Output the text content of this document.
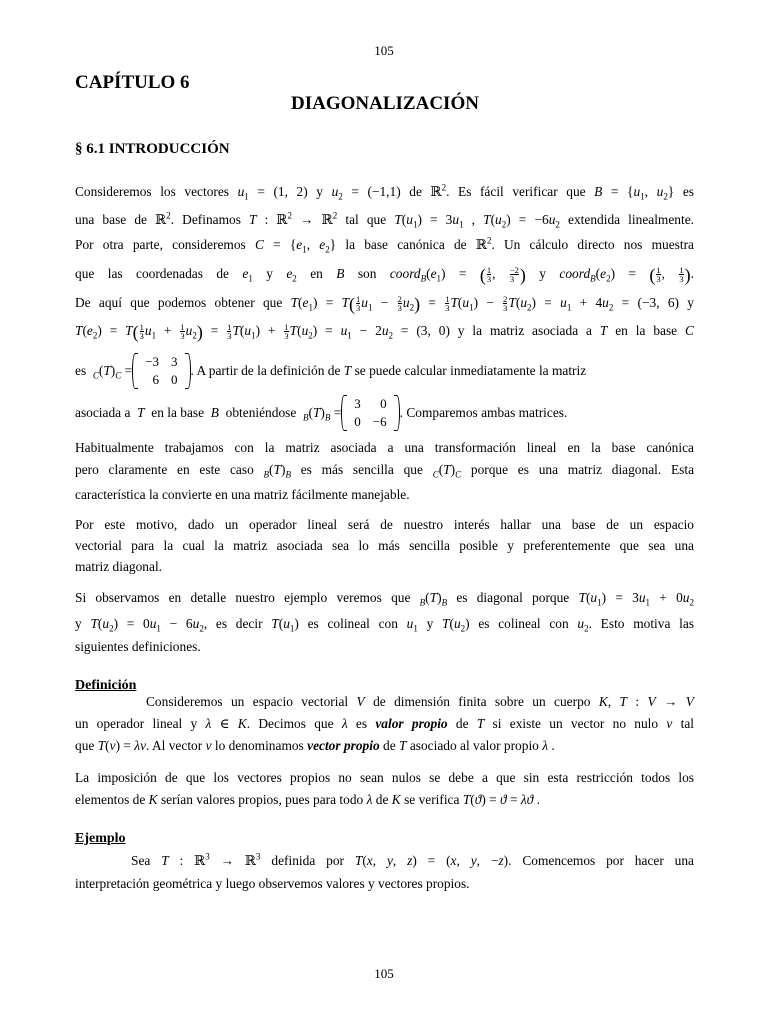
105
CAPÍTULO 6
DIAGONALIZACIÓN
§ 6.1 INTRODUCCIÓN
Consideremos los vectores $u_1 = (1$, 2) y $u_2 = (-1,1)$ de ℝ$^2$. Es fácil verificar que $B = \{u_1$, $u_2$} es
una base de ℝ$^2$. Definamos T : ℝ$^2$ → ℝ$^2$ tal que $T(u_1) = 3u_1$ , $T(u_2) = -6u_2$ extendida linealmente.
Por otra parte, consideremos $C = \{e_1$, $e_2$} la base canónica de ℝ$^2$. Un cálculo directo nos muestra
que las coordenadas de $e_1$ y $e_2$ en B son $coord_B(e_1)$ = ( $\frac{1}{3}$ , $\frac{-2}{3}$ ) y $coord_B(e_2)$ = ( $\frac{1}{3}$ , $\frac{1}{3}$ ).
De aquí que podemos obtener que $T(e_1) = T( \frac{1}{3} u_1 - \frac{2}{3} u_2) = \frac{1}{3} T(u_1) - \frac{2}{3} T(u_2) = u_1 + 4u_2 = (-3$, 6) y
$T(e_2) = T( \frac{1}{3} u_1 + \frac{1}{3} u_2) = \frac{1}{3} T(u_1) + \frac{1}{3} T(u_2) = u_1 - 2u_2 = (3$, 0) y la matriz asociada a T en la base C
es
$_C(T)_C$ =
−3	3
6	0
. A partir de la definición de
T
se puede calcular inmediatamente la matriz
asociada a
T
en la base
B
obteniéndose
$_B(T)_B$ =
3	0
0	−6
. Comparemos ambas matrices.
Habitualmente trabajamos con la matriz asociada a una transformación lineal en la base canónica
pero claramente en este caso $_B(T)_B$ es más sencilla que $_C(T)_C$ porque es una matriz diagonal. Esta
característica la convierte en una matriz fácilmente manejable.
Por este motivo, dado un operador lineal será de nuestro interés hallar una base de un espacio
vectorial para la cual la matriz asociada sea lo más sencilla posible y preferentemente que sea una
matriz diagonal.
Si observamos en detalle nuestro ejemplo veremos que $_B(T)_B$ es diagonal porque $T(u_1) = 3u_1 + 0u_2$
y $T(u_2) = 0u_1 - 6u_2$, es decir $T(u_1)$ es colineal con $u_1$ y $T(u_2)$ es colineal con $u_2$. Esto motiva las
siguientes definiciones.
Definición
Consideremos un espacio vectorial V de dimensión finita sobre un cuerpo K, T : V → V
un operador lineal y λ ∈ K. Decimos que λ es valor propio de T si existe un vector no nulo v tal
que T(v) = λv. Al vector v lo denominamos vector propio de T asociado al valor propio λ .
La imposición de que los vectores propios no sean nulos se debe a que sin esta restricción todos los
elementos de K serían valores propios, pues para todo λ de K se verifica T(ϑ) = ϑ = λϑ .
Ejemplo
Sea T : ℝ$^3$ → ℝ$^3$ definida por T(x, y, z) = (x, y, −z). Comencemos por hacer una
interpretación geométrica y luego observemos valores y vectores propios.
105
